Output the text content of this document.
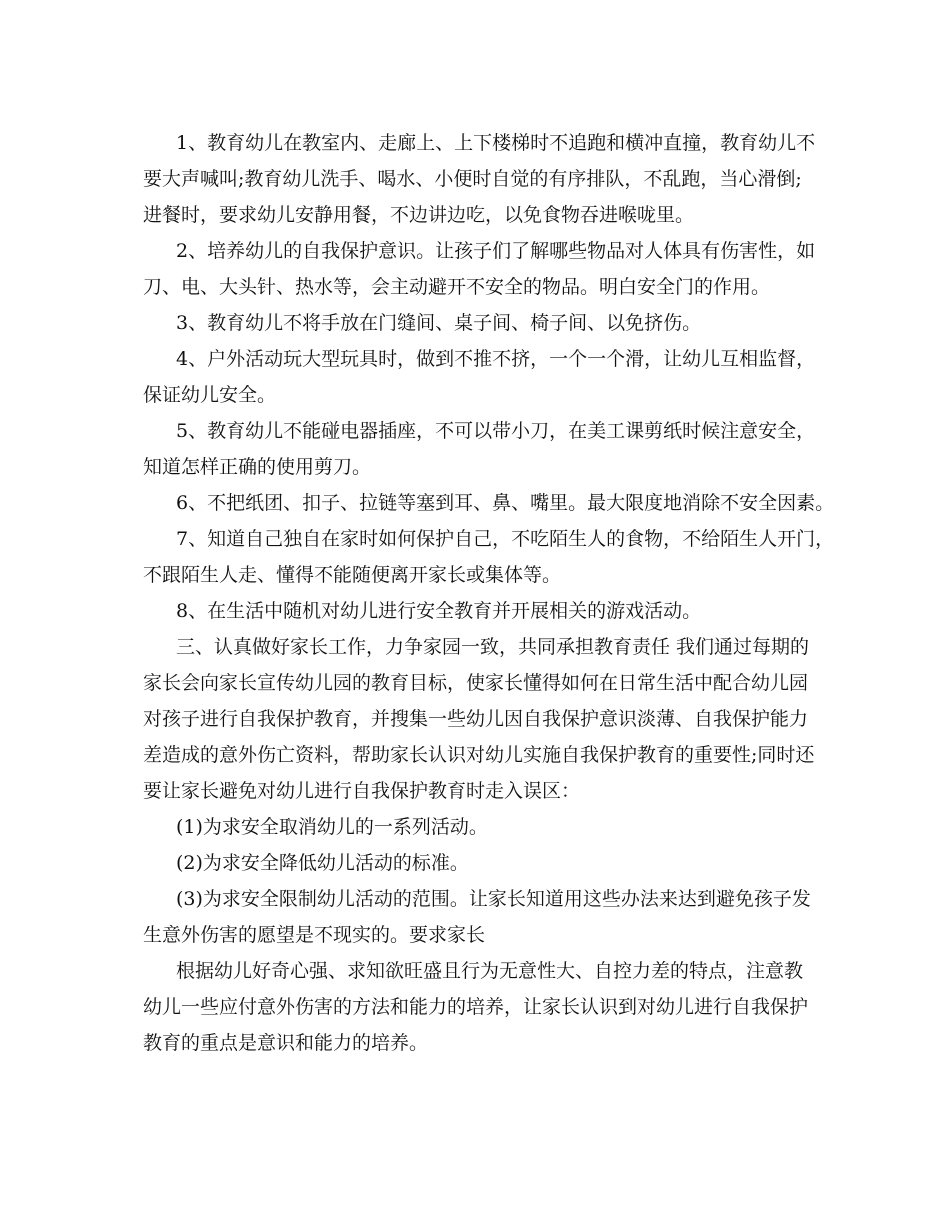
1、教育幼儿在教室内、走廊上、上下楼梯时不追跑和横冲直撞，教育幼儿不
要大声喊叫;教育幼儿洗手、喝水、小便时自觉的有序排队，不乱跑，当心滑倒;
进餐时，要求幼儿安静用餐，不边讲边吃，以免食物吞进喉咙里。
2、培养幼儿的自我保护意识。让孩子们了解哪些物品对人体具有伤害性，如
刀、电、大头针、热水等，会主动避开不安全的物品。明白安全门的作用。
3、教育幼儿不将手放在门缝间、桌子间、椅子间、以免挤伤。
4、户外活动玩大型玩具时，做到不推不挤，一个一个滑，让幼儿互相监督，
保证幼儿安全。
5、教育幼儿不能碰电器插座，不可以带小刀，在美工课剪纸时候注意安全，
知道怎样正确的使用剪刀。
6、不把纸团、扣子、拉链等塞到耳、鼻、嘴里。最大限度地消除不安全因素。
7、知道自己独自在家时如何保护自己，不吃陌生人的食物，不给陌生人开门，
不跟陌生人走、懂得不能随便离开家长或集体等。
8、在生活中随机对幼儿进行安全教育并开展相关的游戏活动。
三、认真做好家长工作，力争家园一致，共同承担教育责任 我们通过每期的
家长会向家长宣传幼儿园的教育目标，使家长懂得如何在日常生活中配合幼儿园
对孩子进行自我保护教育，并搜集一些幼儿因自我保护意识淡薄、自我保护能力
差造成的意外伤亡资料，帮助家长认识对幼儿实施自我保护教育的重要性;同时还
要让家长避免对幼儿进行自我保护教育时走入误区：
(1)为求安全取消幼儿的一系列活动。
(2)为求安全降低幼儿活动的标准。
(3)为求安全限制幼儿活动的范围。让家长知道用这些办法来达到避免孩子发
生意外伤害的愿望是不现实的。要求家长
根据幼儿好奇心强、求知欲旺盛且行为无意性大、自控力差的特点，注意教
幼儿一些应付意外伤害的方法和能力的培养，让家长认识到对幼儿进行自我保护
教育的重点是意识和能力的培养。
